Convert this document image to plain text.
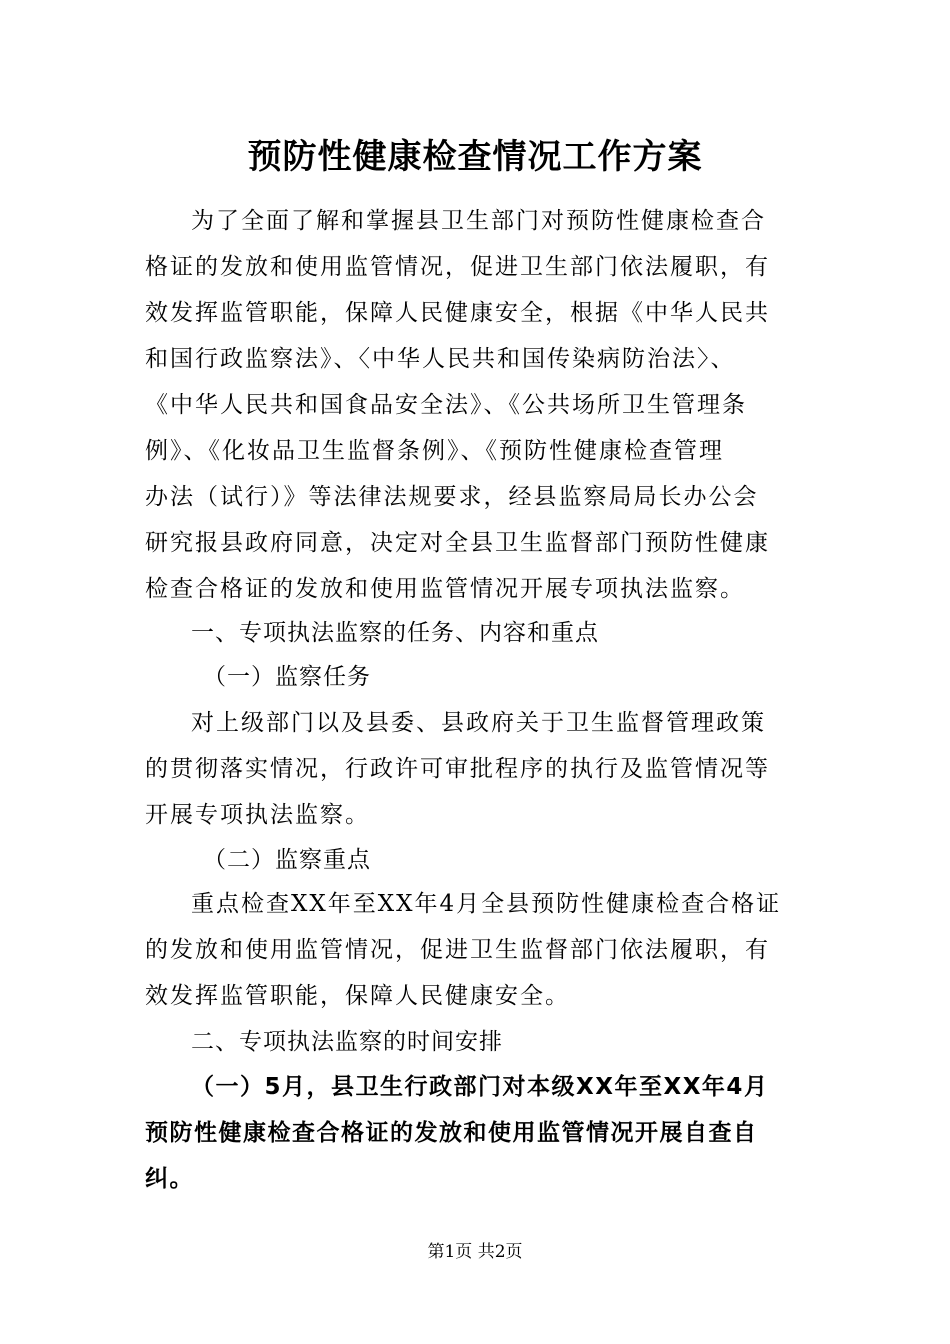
预防性健康检查情况工作方案
为了全面了解和掌握县卫生部门对预防性健康检查合
格证的发放和使用监管情况，促进卫生部门依法履职，有
效发挥监管职能，保障人民健康安全，根据《中华人民共
和国行政监察法》、〈中华人民共和国传染病防治法〉、
《中华人民共和国食品安全法》、《公共场所卫生管理条
例》、《化妆品卫生监督条例》、《预防性健康检查管理
办法（试行）》等法律法规要求，经县监察局局长办公会
研究报县政府同意，决定对全县卫生监督部门预防性健康
检查合格证的发放和使用监管情况开展专项执法监察。
一、专项执法监察的任务、内容和重点
（一）监察任务
对上级部门以及县委、县政府关于卫生监督管理政策
的贯彻落实情况，行政许可审批程序的执行及监管情况等
开展专项执法监察。
（二）监察重点
重点检查XX年至XX年4月全县预防性健康检查合格证
的发放和使用监管情况，促进卫生监督部门依法履职，有
效发挥监管职能，保障人民健康安全。
二、专项执法监察的时间安排
（一）5月，县卫生行政部门对本级XX年至XX年4月
预防性健康检查合格证的发放和使用监管情况开展自查自
纠。
第1页 共2页
